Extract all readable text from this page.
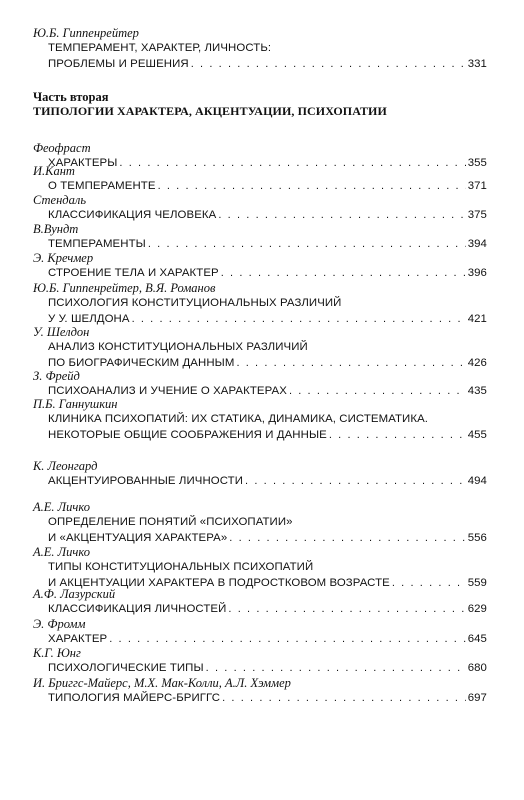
Часть вторая
ТИПОЛОГИИ ХАРАКТЕРА, АКЦЕНТУАЦИИ, ПСИХОПАТИИ
Ю.Б. Гиппенрейтер
ТЕМПЕРАМЕНТ, ХАРАКТЕР, ЛИЧНОСТЬ:
ПРОБЛЕМЫ И РЕШЕНИЯ . . .	331
Феофраст
ХАРАКТЕРЫ . . .	355
И.Кант
О ТЕМПЕРАМЕНТЕ . . .	371
Стендаль
КЛАССИФИКАЦИЯ ЧЕЛОВЕКА . . .	375
В.Вундт
ТЕМПЕРАМЕНТЫ . . .	394
Э. Кречмер
СТРОЕНИЕ ТЕЛА И ХАРАКТЕР . . .	396
Ю.Б. Гиппенрейтер, В.Я. Романов
ПСИХОЛОГИЯ КОНСТИТУЦИОНАЛЬНЫХ РАЗЛИЧИЙ
У У. ШЕЛДОНА . . .	421
У. Шелдон
АНАЛИЗ КОНСТИТУЦИОНАЛЬНЫХ РАЗЛИЧИЙ
ПО БИОГРАФИЧЕСКИМ ДАННЫМ . . .	426
З. Фрейд
ПСИХОАНАЛИЗ И УЧЕНИЕ О ХАРАКТЕРАХ . . .	435
П.Б. Ганнушкин
КЛИНИКА ПСИХОПАТИЙ: ИХ СТАТИКА, ДИНАМИКА, СИСТЕМАТИКА.
НЕКОТОРЫЕ ОБЩИЕ СООБРАЖЕНИЯ И ДАННЫЕ . . .	455
К. Леонгард
АКЦЕНТУИРОВАННЫЕ ЛИЧНОСТИ . . .	494
А.Е. Личко
ОПРЕДЕЛЕНИЕ ПОНЯТИЙ «ПСИХОПАТИИ»
И «АКЦЕНТУАЦИЯ ХАРАКТЕРА» . . .	556
А.Е. Личко
ТИПЫ КОНСТИТУЦИОНАЛЬНЫХ ПСИХОПАТИЙ
И АКЦЕНТУАЦИИ ХАРАКТЕРА В ПОДРОСТКОВОМ ВОЗРАСТЕ . . .	559
А.Ф. Лазурский
КЛАССИФИКАЦИЯ ЛИЧНОСТЕЙ . . .	629
Э. Фромм
ХАРАКТЕР . . .	645
К.Г. Юнг
ПСИХОЛОГИЧЕСКИЕ ТИПЫ . . .	680
И. Бриггс-Майерс, М.Х. Мак-Колли, А.Л. Хэммер
ТИПОЛОГИЯ МАЙЕРС-БРИГГС . . .	697
